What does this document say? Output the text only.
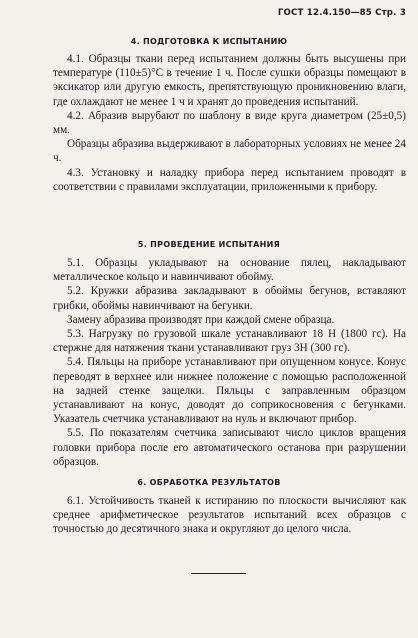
ГОСТ 12.4.150—85 Стр. 3
4. ПОДГОТОВКА К ИСПЫТАНИЮ

4.1. Образцы ткани перед испытанием должны быть высушены при температуре (110±5)°С в течение 1 ч. После сушки образцы помещают в эксикатор или другую емкость, препятствующую проникновению влаги, где охлаждают не менее 1 ч и хранят до проведения испытаний.

4.2. Абразив вырубают по шаблону в виде круга диаметром (25±0,5) мм.

Образцы абразива выдерживают в лабораторных условиях не менее 24 ч.

4.3. Установку и наладку прибора перед испытанием проводят в соответствии с правилами эксплуатации, приложенными к прибору.

5. ПРОВЕДЕНИЕ ИСПЫТАНИЯ

5.1. Образцы укладывают на основание пялец, накладывают металлическое кольцо и навинчивают обойму.

5.2. Кружки абразива закладывают в обоймы бегунов, вставляют грибки, обоймы навинчивают на бегунки.

Замену абразива производят при каждой смене образца.

5.3. Нагрузку по грузовой шкале устанавливают 18 Н (1800 гс). На стержне для натяжения ткани устанавливают груз 3Н (300 гс).

5.4. Пяльцы на приборе устанавливают при опущенном конусе. Конус переводят в верхнее или нижнее положение с помощью расположенной на задней стенке защелки. Пяльцы с заправленным образцом устанавливают на конус, доводят до соприкосновения с бегунками. Указатель счетчика устанавливают на нуль и включают прибор.

5.5. По показателям счетчика записывают число циклов вращения головки прибора после его автоматического останова при разрушении образцов.

6. ОБРАБОТКА РЕЗУЛЬТАТОВ

6.1. Устойчивость тканей к истиранию по плоскости вычисляют как среднее арифметическое результатов испытаний всех образцов с точностью до десятичного знака и округляют до целого числа.
